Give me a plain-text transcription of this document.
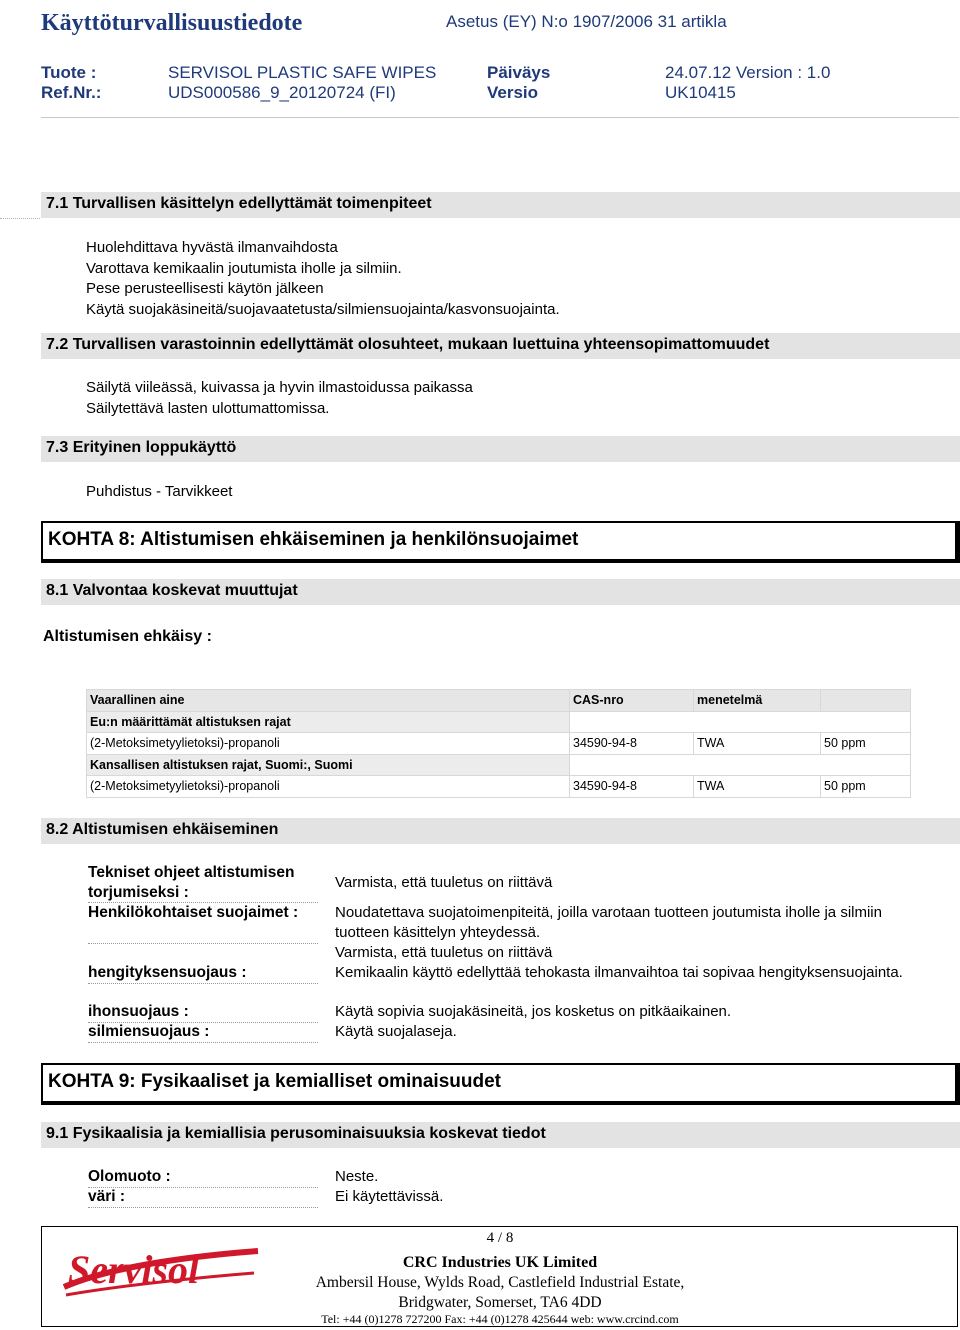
Käyttöturvallisuustiedote	Asetus (EY) N:o 1907/2006 31 artikla
Tuote :	SERVISOL PLASTIC SAFE WIPES	Päiväys	24.07.12 Version : 1.0
Ref.Nr.:	UDS000586_9_20120724 (FI)	Versio	UK10415
7.1 Turvallisen käsittelyn edellyttämät toimenpiteet
Huolehdittava hyvästä ilmanvaihdosta
Varottava kemikaalin joutumista iholle ja silmiin.
Pese perusteellisesti käytön jälkeen
Käytä suojakäsineitä/suojavaatetusta/silmiensuojainta/kasvonsuojainta.
7.2 Turvallisen varastoinnin edellyttämät olosuhteet, mukaan luettuina yhteensopimattomuudet
Säilytä viileässä, kuivassa ja hyvin ilmastoidussa paikassa
Säilytettävä lasten ulottumattomissa.
7.3 Erityinen loppukäyttö
Puhdistus - Tarvikkeet
KOHTA 8: Altistumisen ehkäiseminen ja henkilönsuojaimet
8.1 Valvontaa koskevat muuttujat
Altistumisen ehkäisy :
Vaarallinen aine	CAS-nro	menetelmä	
Eu:n määrittämät altistuksen rajat			
(2-Metoksimetyylietoksi)-propanoli	34590-94-8	TWA	50 ppm
Kansallisen altistuksen rajat, Suomi:, Suomi			
(2-Metoksimetyylietoksi)-propanoli	34590-94-8	TWA	50 ppm
8.2 Altistumisen ehkäiseminen
Tekniset ohjeet altistumisen torjumiseksi :
Varmista, että tuuletus on riittävä
Henkilökohtaiset suojaimet :	Noudatettava suojatoimenpiteitä, joilla varotaan tuotteen joutumista iholle ja silmiin tuotteen käsittelyn yhteydessä.
Varmista, että tuuletus on riittävä
hengityksensuojaus :	Kemikaalin käyttö edellyttää tehokasta ilmanvaihtoa tai sopivaa hengityksensuojainta.
ihonsuojaus :	Käytä sopivia suojakäsineitä, jos kosketus on pitkäaikainen.
silmiensuojaus :	Käytä suojalaseja.
KOHTA 9: Fysikaaliset ja kemialliset ominaisuudet
9.1 Fysikaalisia ja kemiallisia perusominaisuuksia koskevat tiedot
Olomuoto :	Neste.
väri :	Ei käytettävissä.
Servisol
4 / 8
CRC Industries UK Limited
Ambersil House, Wylds Road, Castlefield Industrial Estate,
Bridgwater, Somerset, TA6 4DD
Tel: +44 (0)1278 727200 Fax: +44 (0)1278 425644 web: www.crcind.com
